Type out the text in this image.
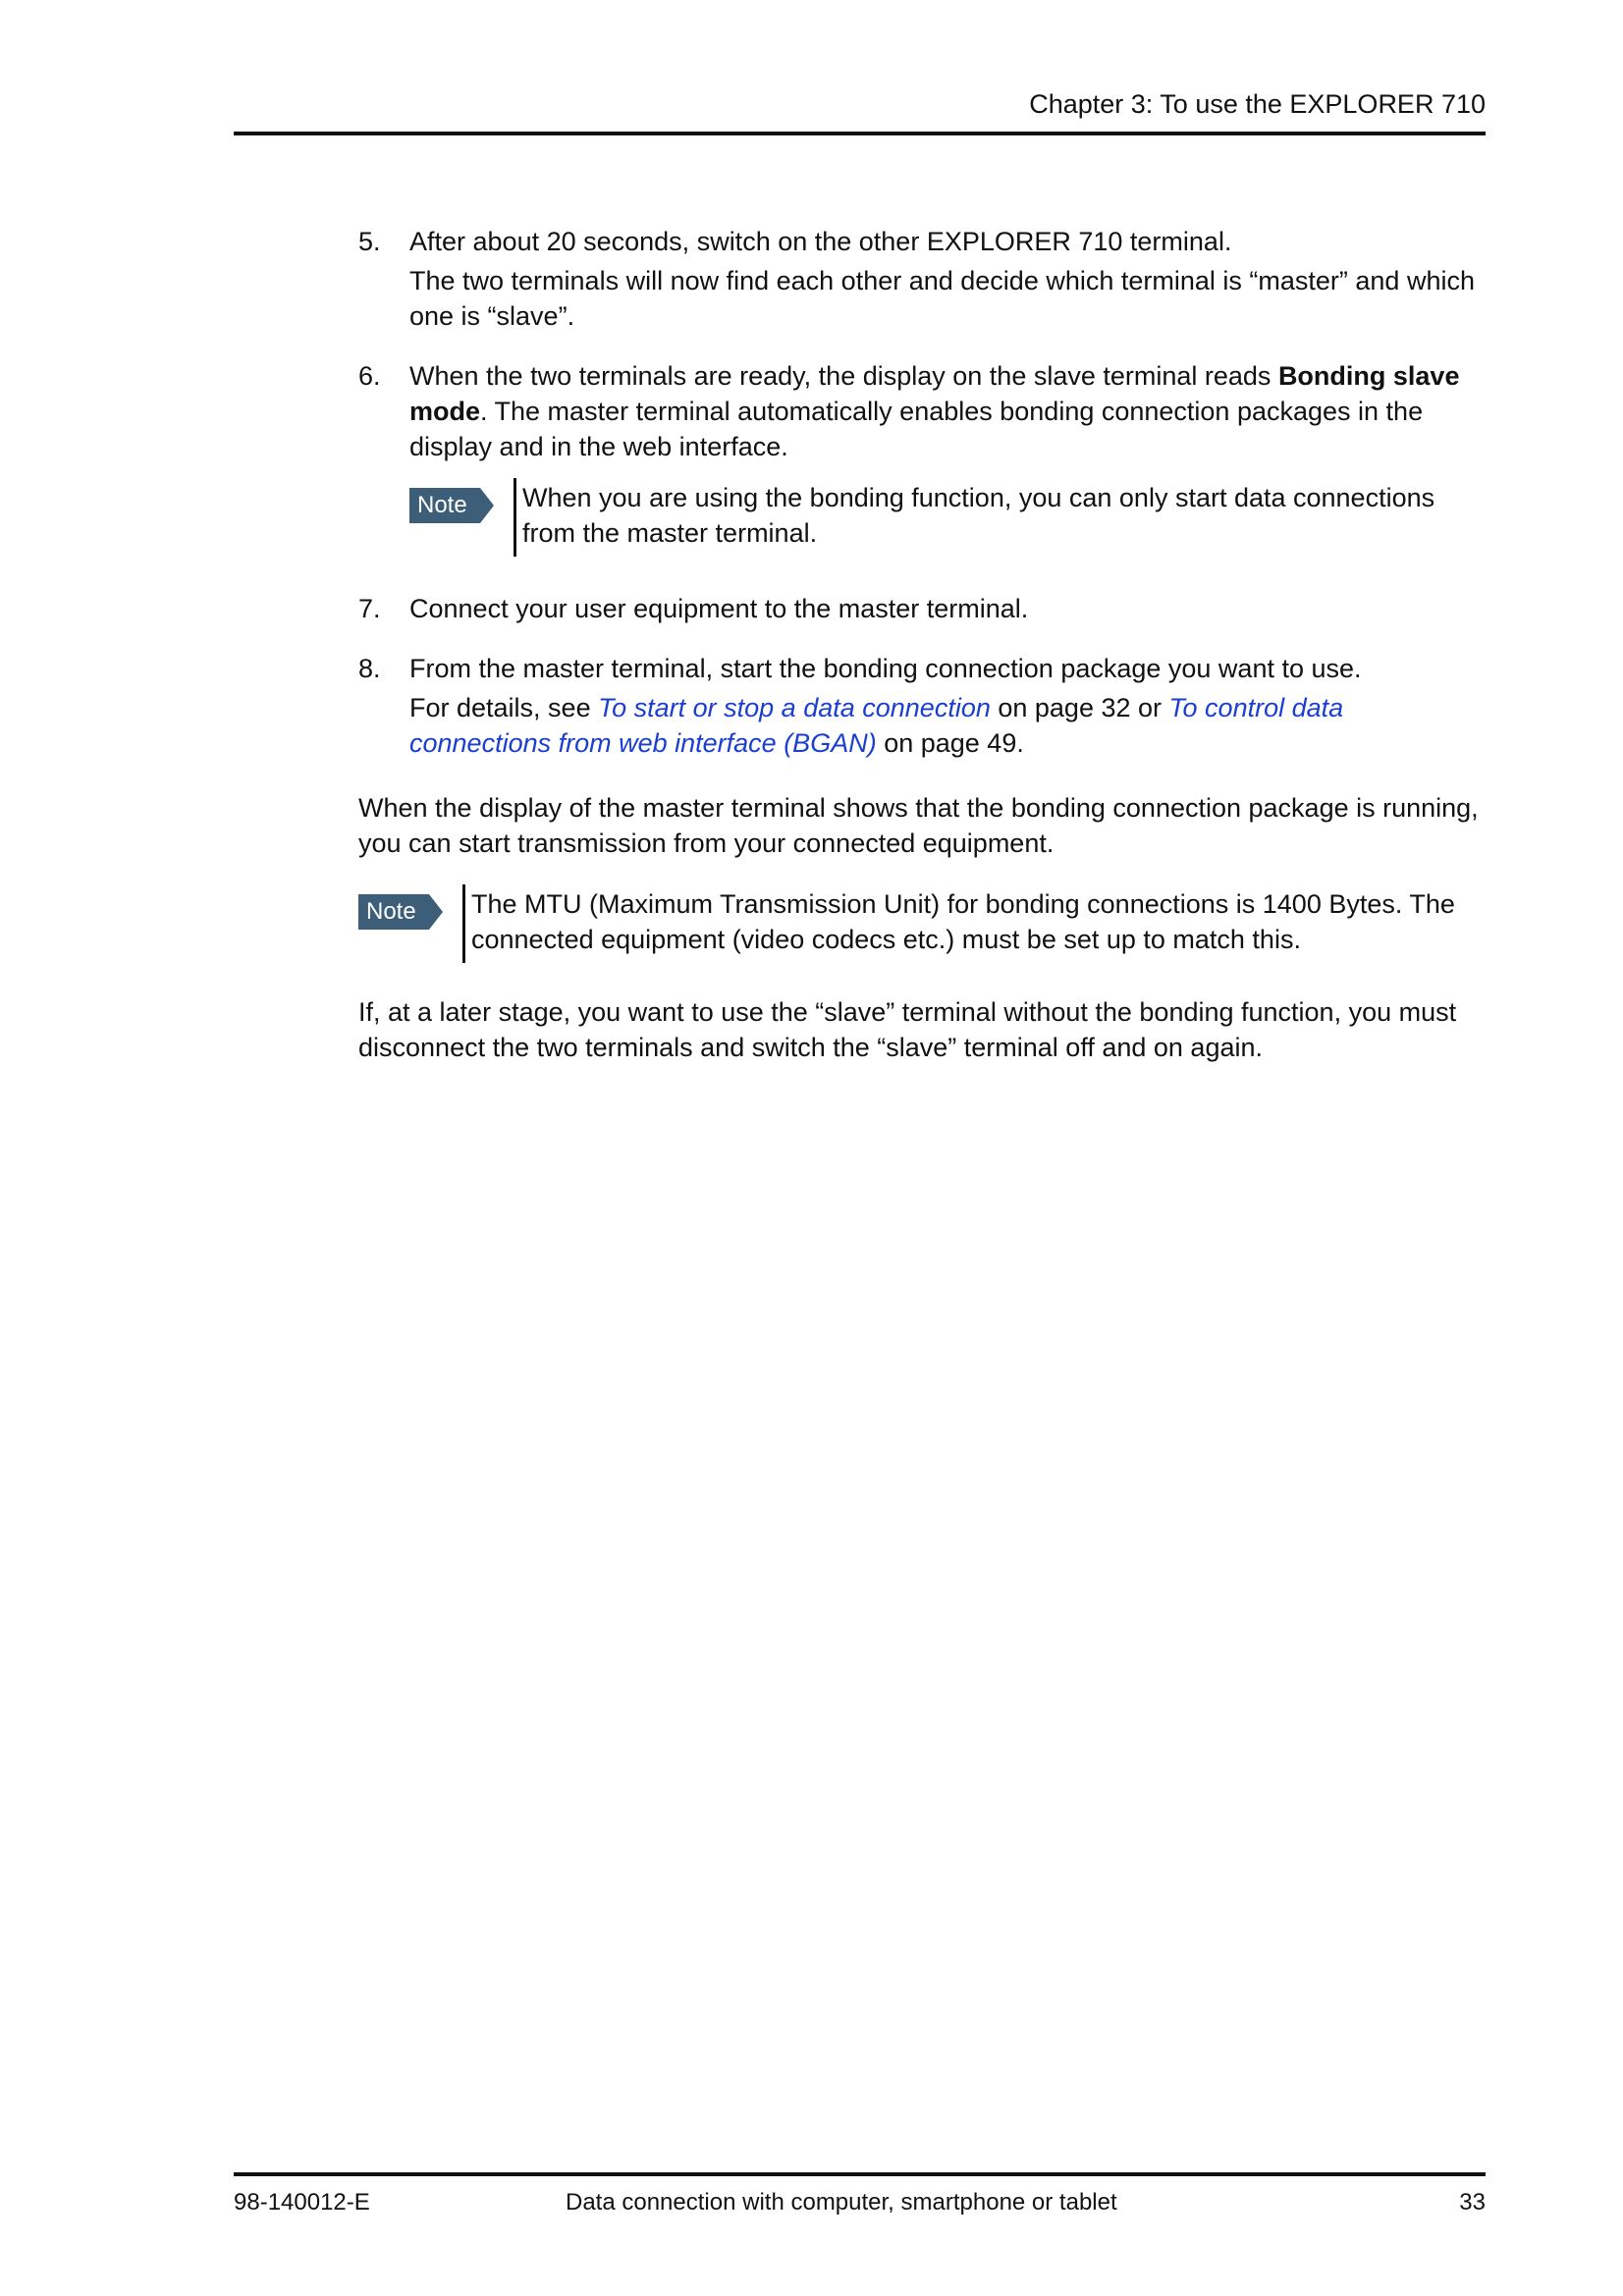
Chapter 3: To use the EXPLORER 710
5. After about 20 seconds, switch on the other EXPLORER 710 terminal.

The two terminals will now find each other and decide which terminal is “master” and which one is “slave”.

6. When the two terminals are ready, the display on the slave terminal reads Bonding slave mode. The master terminal automatically enables bonding connection packages in the display and in the web interface.

Note	When you are using the bonding function, you can only start data connections from the master terminal.
7. Connect your user equipment to the master terminal.

8. From the master terminal, start the bonding connection package you want to use.

For details, see To start or stop a data connection on page 32 or To control data connections from web interface (BGAN) on page 49.

When the display of the master terminal shows that the bonding connection package is running, you can start transmission from your connected equipment.

Note	The MTU (Maximum Transmission Unit) for bonding connections is 1400 Bytes. The connected equipment (video codecs etc.) must be set up to match this.

If, at a later stage, you want to use the “slave” terminal without the bonding function, you must disconnect the two terminals and switch the “slave” terminal off and on again.

98-140012-E	Data connection with computer, smartphone or tablet	33
